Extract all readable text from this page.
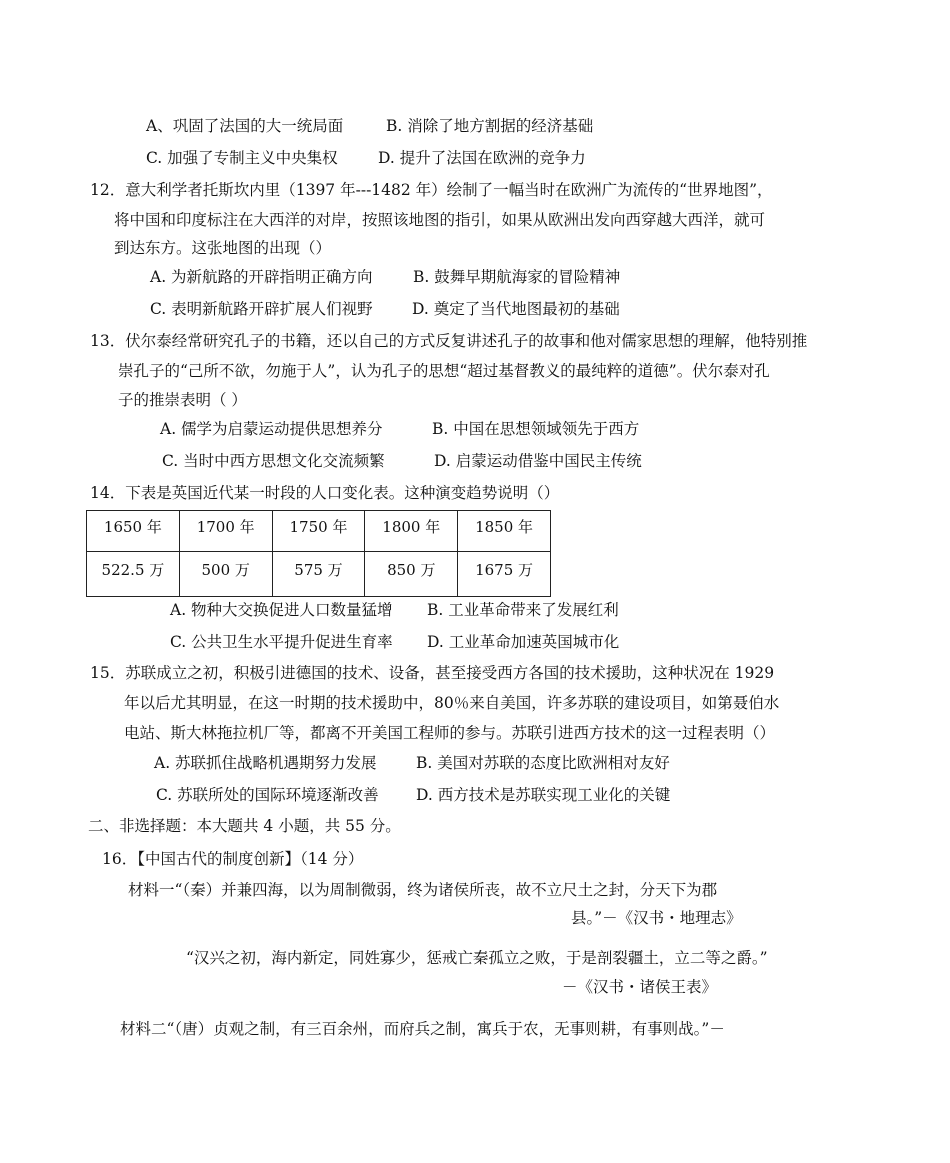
A、巩固了法国的大一统局面	B. 消除了地方割据的经济基础
C. 加强了专制主义中央集权	D. 提升了法国在欧洲的竞争力
12．意大利学者托斯坎内里（1397 年---1482 年）绘制了一幅当时在欧洲广为流传的“世界地图”，
将中国和印度标注在大西洋的对岸，按照该地图的指引，如果从欧洲出发向西穿越大西洋，就可
到达东方。这张地图的出现（）
A. 为新航路的开辟指明正确方向	B. 鼓舞早期航海家的冒险精神
C. 表明新航路开辟扩展人们视野	D. 奠定了当代地图最初的基础
13．伏尔泰经常研究孔子的书籍，还以自己的方式反复讲述孔子的故事和他对儒家思想的理解，他特别推
崇孔子的“己所不欲，勿施于人”，认为孔子的思想“超过基督教义的最纯粹的道德”。伏尔泰对孔
子的推崇表明（ ）
A. 儒学为启蒙运动提供思想养分	B. 中国在思想领域领先于西方
C. 当时中西方思想文化交流频繁	D. 启蒙运动借鉴中国民主传统
14．下表是英国近代某一时段的人口变化表。这种演变趋势说明（）
1650 年	1700 年	1750 年	1800 年	1850 年
522.5 万	500 万	575 万	850 万	1675 万
A. 物种大交换促进人口数量猛增 B. 工业革命带来了发展红利
C. 公共卫生水平提升促进生育率 D. 工业革命加速英国城市化
15．苏联成立之初，积极引进德国的技术、设备，甚至接受西方各国的技术援助，这种状况在 1929
年以后尤其明显，在这一时期的技术援助中，80％来自美国，许多苏联的建设项目，如第聂伯水
电站、斯大林拖拉机厂等，都离不开美国工程师的参与。苏联引进西方技术的这一过程表明（）
A. 苏联抓住战略机遇期努力发展	B. 美国对苏联的态度比欧洲相对友好
C. 苏联所处的国际环境逐渐改善 D. 西方技术是苏联实现工业化的关键
二、非选择题：本大题共 4 小题，共 55 分。
16．【中国古代的制度创新】（14 分）
材料一“（秦）并兼四海，以为周制微弱，终为诸侯所丧，故不立尺土之封，分天下为郡
县。”－《汉书・地理志》
“汉兴之初，海内新定，同姓寡少，惩戒亡秦孤立之败，于是剖裂疆土，立二等之爵。”
－《汉书・诸侯王表》
材料二“（唐）贞观之制，有三百余州，而府兵之制，寓兵于农，无事则耕，有事则战。”－
